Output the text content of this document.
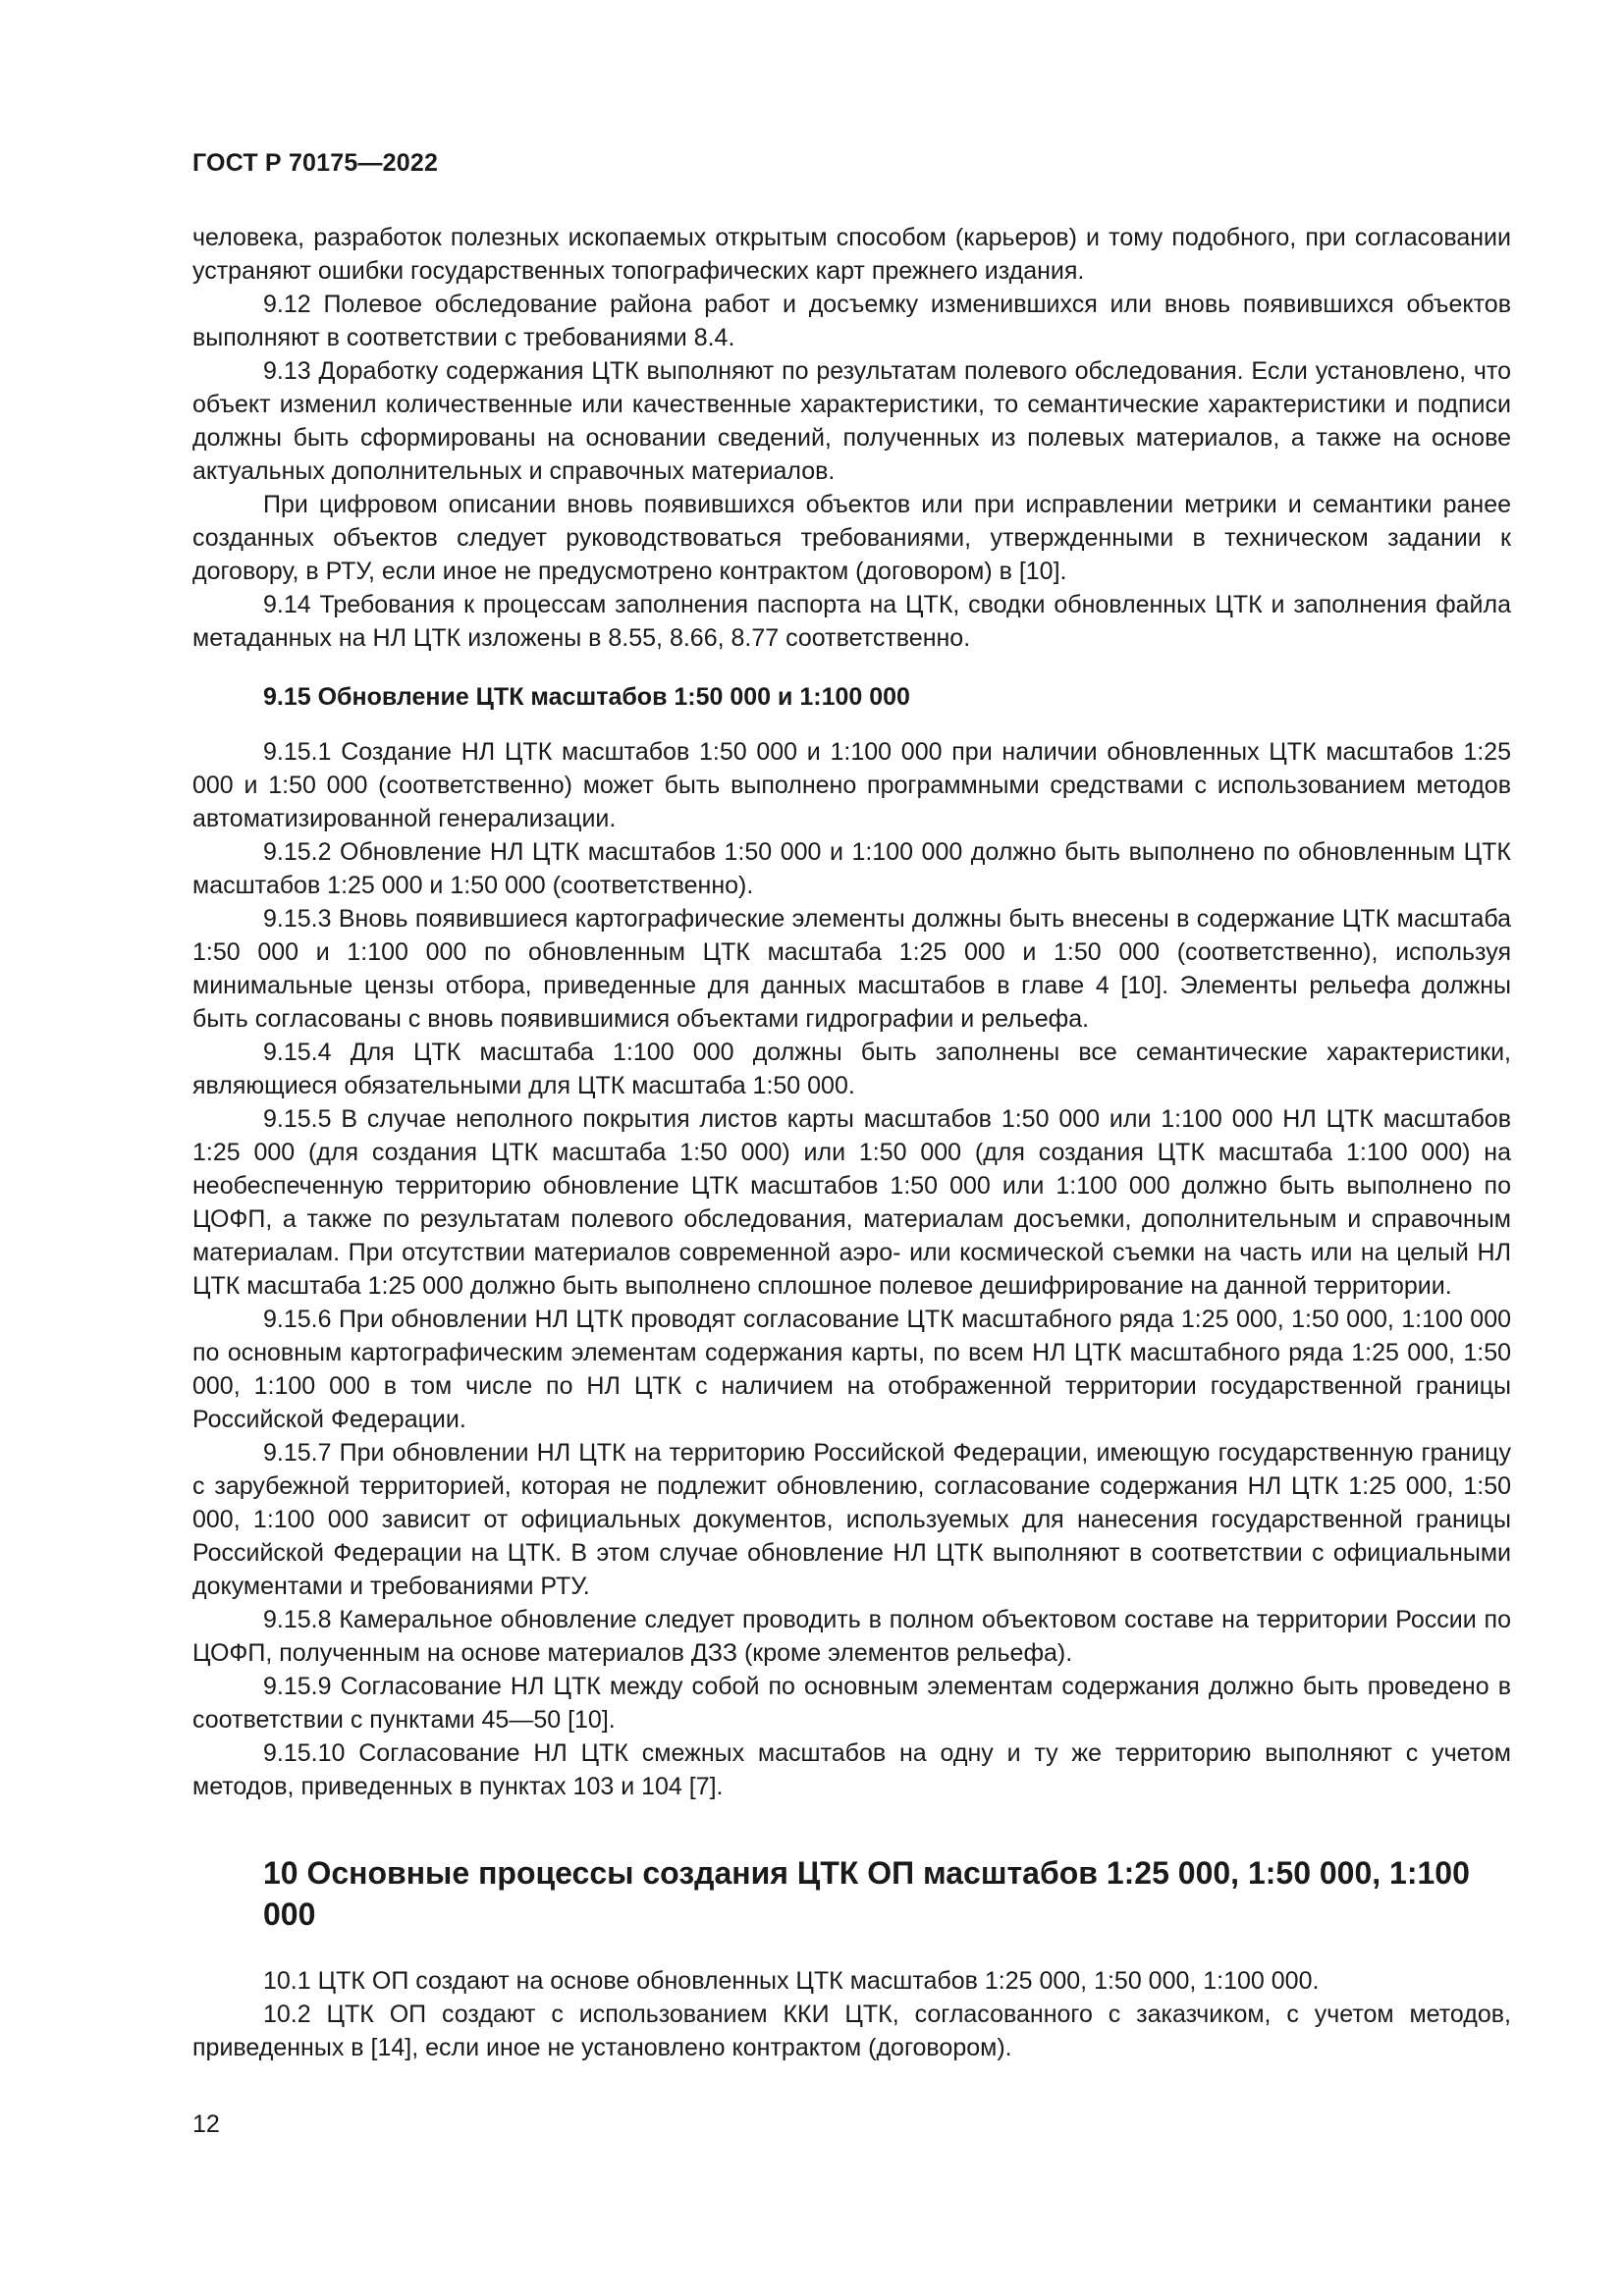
ГОСТ Р 70175—2022

человека, разработок полезных ископаемых открытым способом (карьеров) и тому подобного, при согласовании устраняют ошибки государственных топографических карт прежнего издания.

9.12 Полевое обследование района работ и досъемку изменившихся или вновь появившихся объектов выполняют в соответствии с требованиями 8.4.

9.13 Доработку содержания ЦТК выполняют по результатам полевого обследования. Если установлено, что объект изменил количественные или качественные характеристики, то семантические характеристики и подписи должны быть сформированы на основании сведений, полученных из полевых материалов, а также на основе актуальных дополнительных и справочных материалов.

При цифровом описании вновь появившихся объектов или при исправлении метрики и семантики ранее созданных объектов следует руководствоваться требованиями, утвержденными в техническом задании к договору, в РТУ, если иное не предусмотрено контрактом (договором) в [10].

9.14 Требования к процессам заполнения паспорта на ЦТК, сводки обновленных ЦТК и заполнения файла метаданных на НЛ ЦТК изложены в 8.55, 8.66, 8.77 соответственно.

9.15 Обновление ЦТК масштабов 1:50 000 и 1:100 000

9.15.1 Создание НЛ ЦТК масштабов 1:50 000 и 1:100 000 при наличии обновленных ЦТК масштабов 1:25 000 и 1:50 000 (соответственно) может быть выполнено программными средствами с использованием методов автоматизированной генерализации.

9.15.2 Обновление НЛ ЦТК масштабов 1:50 000 и 1:100 000 должно быть выполнено по обновленным ЦТК масштабов 1:25 000 и 1:50 000 (соответственно).

9.15.3 Вновь появившиеся картографические элементы должны быть внесены в содержание ЦТК масштаба 1:50 000 и 1:100 000 по обновленным ЦТК масштаба 1:25 000 и 1:50 000 (соответственно), используя минимальные цензы отбора, приведенные для данных масштабов в главе 4 [10]. Элементы рельефа должны быть согласованы с вновь появившимися объектами гидрографии и рельефа.

9.15.4 Для ЦТК масштаба 1:100 000 должны быть заполнены все семантические характеристики, являющиеся обязательными для ЦТК масштаба 1:50 000.

9.15.5 В случае неполного покрытия листов карты масштабов 1:50 000 или 1:100 000 НЛ ЦТК масштабов 1:25 000 (для создания ЦТК масштаба 1:50 000) или 1:50 000 (для создания ЦТК масштаба 1:100 000) на необеспеченную территорию обновление ЦТК масштабов 1:50 000 или 1:100 000 должно быть выполнено по ЦОФП, а также по результатам полевого обследования, материалам досъемки, дополнительным и справочным материалам. При отсутствии материалов современной аэро- или космической съемки на часть или на целый НЛ ЦТК масштаба 1:25 000 должно быть выполнено сплошное полевое дешифрирование на данной территории.

9.15.6 При обновлении НЛ ЦТК проводят согласование ЦТК масштабного ряда 1:25 000, 1:50 000, 1:100 000 по основным картографическим элементам содержания карты, по всем НЛ ЦТК масштабного ряда 1:25 000, 1:50 000, 1:100 000 в том числе по НЛ ЦТК с наличием на отображенной территории государственной границы Российской Федерации.

9.15.7 При обновлении НЛ ЦТК на территорию Российской Федерации, имеющую государственную границу с зарубежной территорией, которая не подлежит обновлению, согласование содержания НЛ ЦТК 1:25 000, 1:50 000, 1:100 000 зависит от официальных документов, используемых для нанесения государственной границы Российской Федерации на ЦТК. В этом случае обновление НЛ ЦТК выполняют в соответствии с официальными документами и требованиями РТУ.

9.15.8 Камеральное обновление следует проводить в полном объектовом составе на территории России по ЦОФП, полученным на основе материалов ДЗЗ (кроме элементов рельефа).

9.15.9 Согласование НЛ ЦТК между собой по основным элементам содержания должно быть проведено в соответствии с пунктами 45—50 [10].

9.15.10 Согласование НЛ ЦТК смежных масштабов на одну и ту же территорию выполняют с учетом методов, приведенных в пунктах 103 и 104 [7].

10 Основные процессы создания ЦТК ОП масштабов 1:25 000, 1:50 000, 1:100 000

10.1 ЦТК ОП создают на основе обновленных ЦТК масштабов 1:25 000, 1:50 000, 1:100 000.

10.2 ЦТК ОП создают с использованием ККИ ЦТК, согласованного с заказчиком, с учетом методов, приведенных в [14], если иное не установлено контрактом (договором).

12
